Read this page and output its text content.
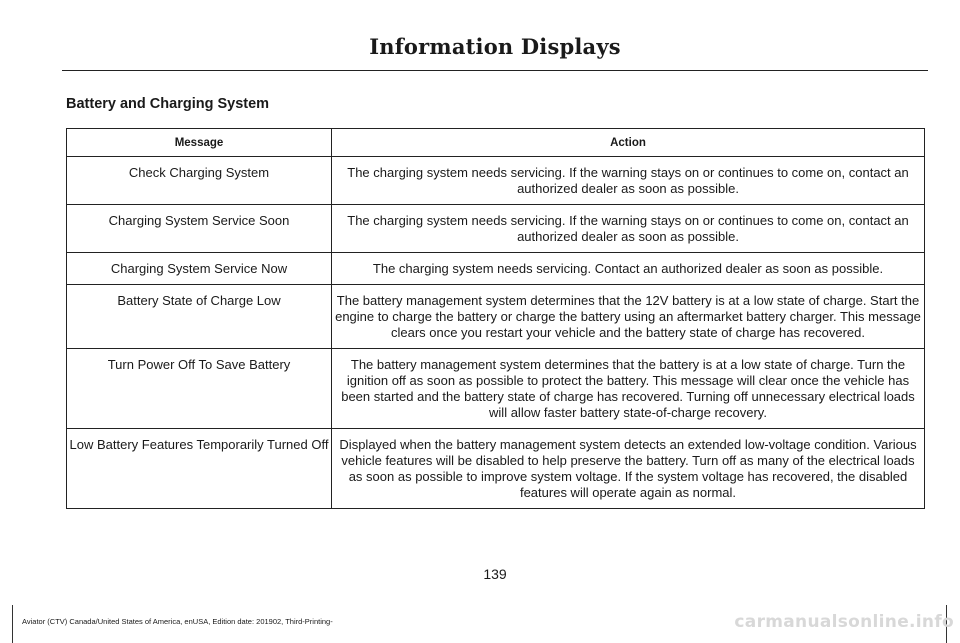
Information Displays
Battery and Charging System
Message	Action
Check Charging System	The charging system needs servicing. If the warning stays on or continues to come on, contact an authorized dealer as soon as possible.
Charging System Service Soon	The charging system needs servicing. If the warning stays on or continues to come on, contact an authorized dealer as soon as possible.
Charging System Service Now	The charging system needs servicing. Contact an authorized dealer as soon as possible.
Battery State of Charge Low	The battery management system determines that the 12V battery is at a low state of charge. Start the engine to charge the battery or charge the battery using an aftermarket battery charger. This message clears once you restart your vehicle and the battery state of charge has recovered.
Turn Power Off To Save Battery	The battery management system determines that the battery is at a low state of charge. Turn the ignition off as soon as possible to protect the battery. This message will clear once the vehicle has been started and the battery state of charge has recovered. Turning off unnecessary electrical loads will allow faster battery state-of-charge recovery.
Low Battery Features Temporarily Turned Off	Displayed when the battery management system detects an extended low-voltage condition. Various vehicle features will be disabled to help preserve the battery. Turn off as many of the electrical loads as soon as possible to improve system voltage. If the system voltage has recovered, the disabled features will operate again as normal.
139
Aviator (CTV) Canada/United States of America, enUSA, Edition date: 201902, Third-Printing-	carmanualsonline.info
